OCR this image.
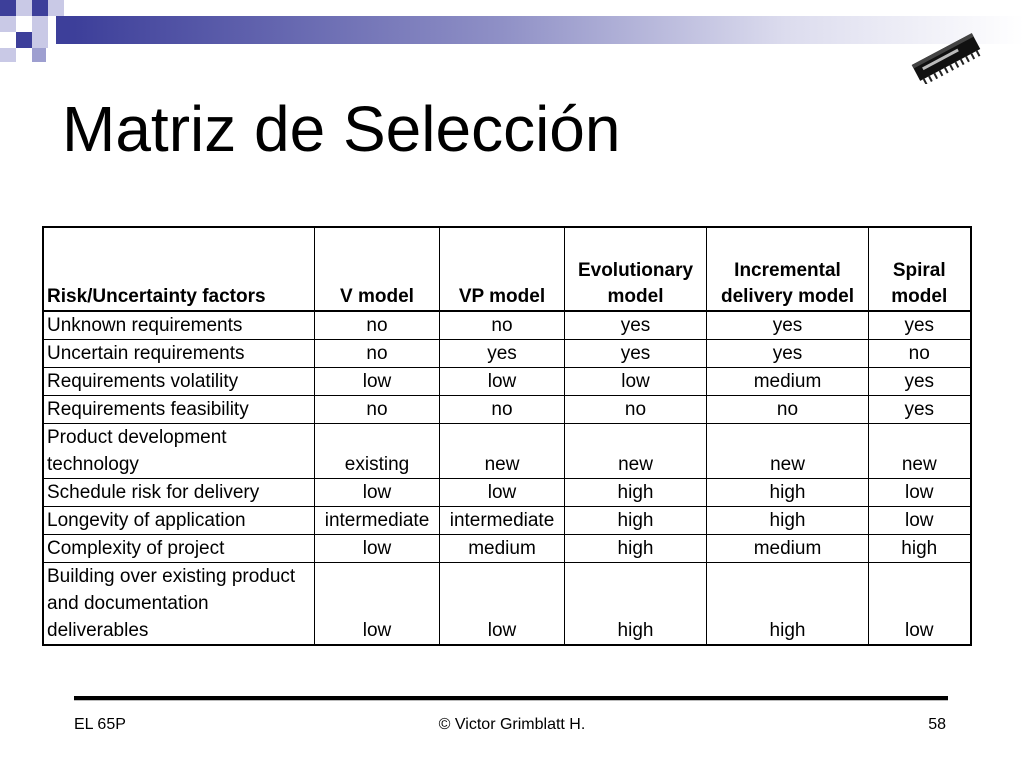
Matriz de Selección
Risk/Uncertainty factors	V model	VP model	Evolutionary model	Incremental delivery model	Spiral model
Unknown requirements	no	no	yes	yes	yes
Uncertain requirements	no	yes	yes	yes	no
Requirements volatility	low	low	low	medium	yes
Requirements feasibility	no	no	no	no	yes
Product development technology	existing	new	new	new	new
Schedule risk for delivery	low	low	high	high	low
Longevity of application	intermediate	intermediate	high	high	low
Complexity of project	low	medium	high	medium	high
Building over existing product and documentation deliverables	low	low	high	high	low
EL 65P	© Victor Grimblatt H.	58
